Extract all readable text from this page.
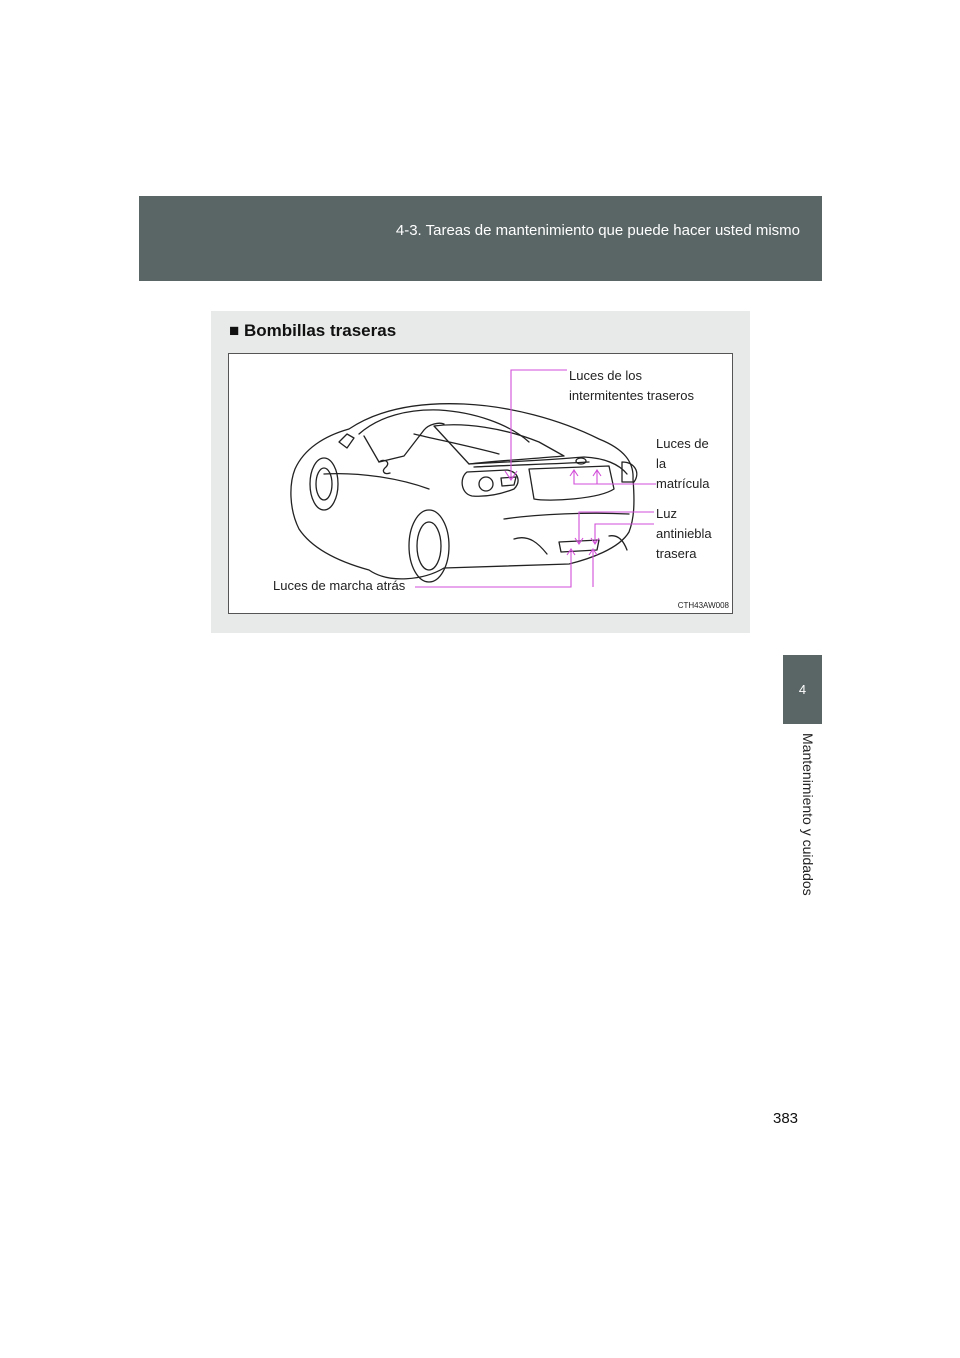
4-3. Tareas de mantenimiento que puede hacer usted mismo
4
Mantenimiento y cuidados
■ Bombillas traseras
Luces de los
intermitentes traseros
Luces de
la
matrícula
Luz
antiniebla
trasera
Luces de marcha atrás
CTH43AW008
383
